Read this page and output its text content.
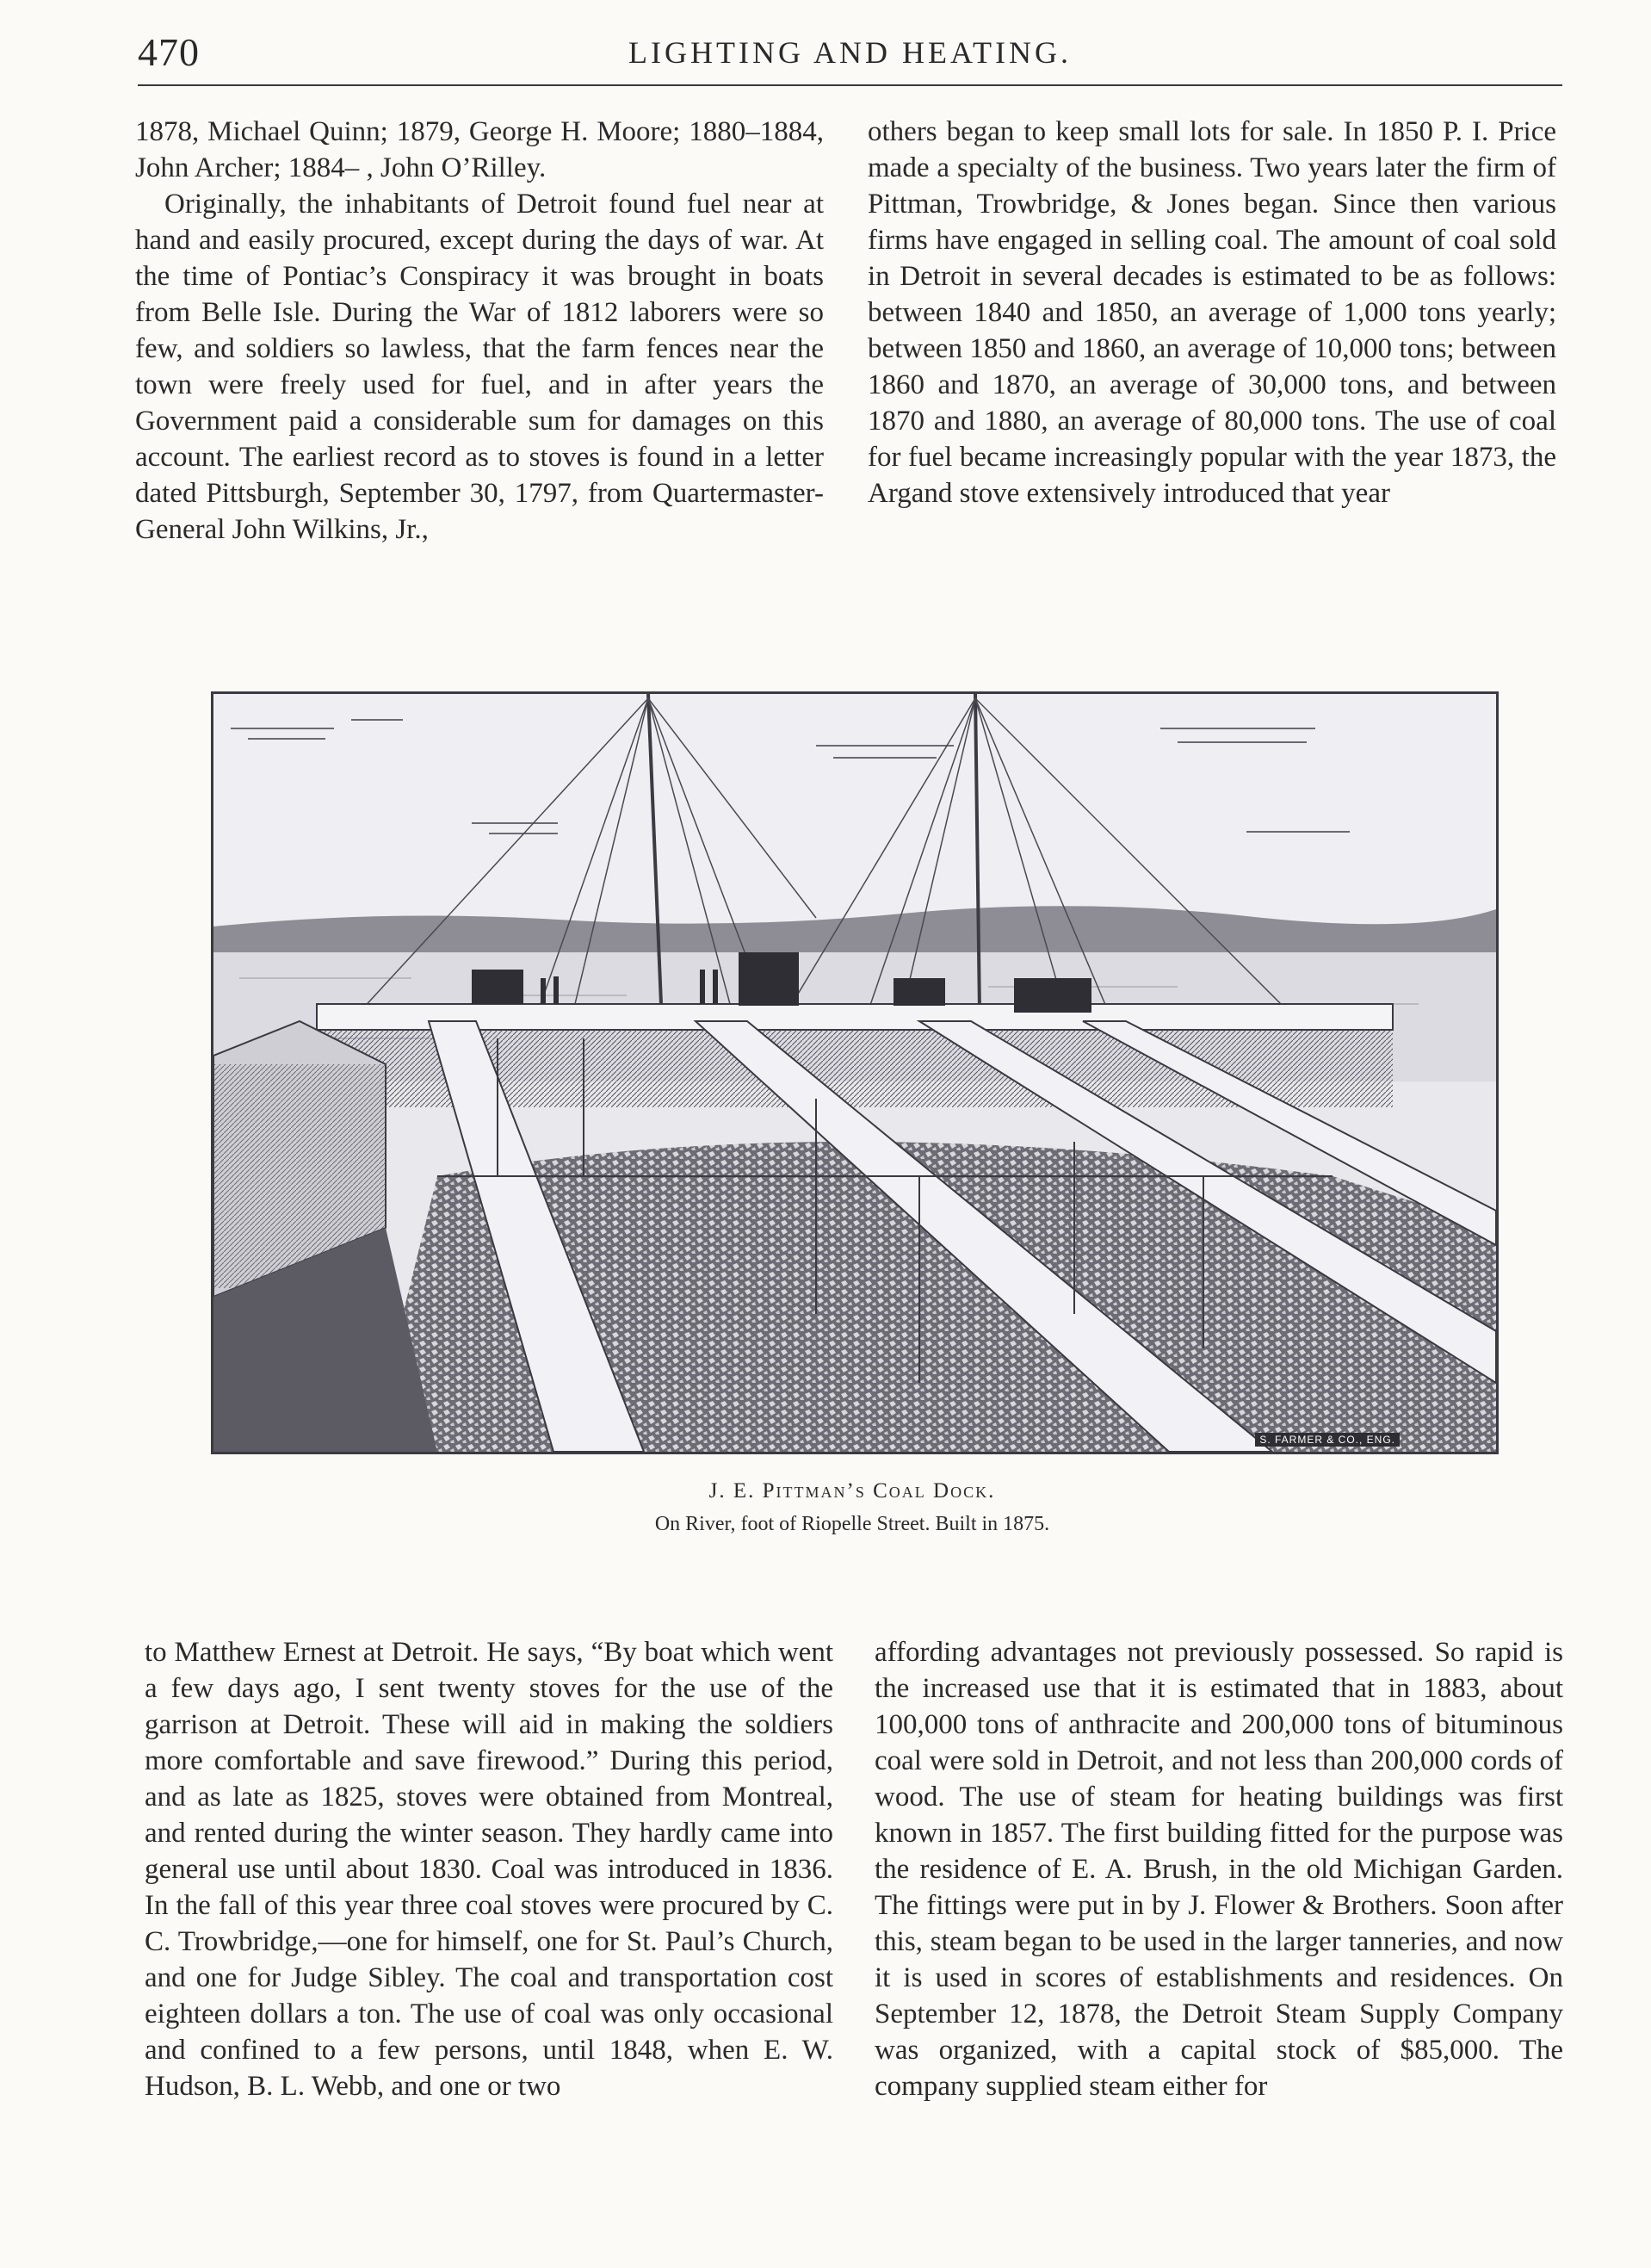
470	LIGHTING AND HEATING.

1878, Michael Quinn; 1879, George H. Moore; 1880–1884, John Archer; 1884– , John O’Rilley.

Originally, the inhabitants of Detroit found fuel near at hand and easily procured, except during the days of war. At the time of Pontiac’s Conspiracy it was brought in boats from Belle Isle. During the War of 1812 laborers were so few, and soldiers so lawless, that the farm fences near the town were freely used for fuel, and in after years the Government paid a considerable sum for damages on this account. The earliest record as to stoves is found in a letter dated Pittsburgh, September 30, 1797, from Quartermaster-General John Wilkins, Jr.,

others began to keep small lots for sale. In 1850 P. I. Price made a specialty of the business. Two years later the firm of Pittman, Trowbridge, & Jones began. Since then various firms have engaged in selling coal. The amount of coal sold in Detroit in several decades is estimated to be as follows: between 1840 and 1850, an average of 1,000 tons yearly; between 1850 and 1860, an average of 10,000 tons; between 1860 and 1870, an average of 30,000 tons, and between 1870 and 1880, an average of 80,000 tons. The use of coal for fuel became increasingly popular with the year 1873, the Argand stove extensively introduced that year

S. FARMER & CO., ENG.
J. E. Pittman’s Coal Dock.
On River, foot of Riopelle Street. Built in 1875.

to Matthew Ernest at Detroit. He says, “By boat which went a few days ago, I sent twenty stoves for the use of the garrison at Detroit. These will aid in making the soldiers more comfortable and save firewood.” During this period, and as late as 1825, stoves were obtained from Montreal, and rented during the winter season. They hardly came into general use until about 1830. Coal was introduced in 1836. In the fall of this year three coal stoves were procured by C. C. Trowbridge,—one for himself, one for St. Paul’s Church, and one for Judge Sibley. The coal and transportation cost eighteen dollars a ton. The use of coal was only occasional and confined to a few persons, until 1848, when E. W. Hudson, B. L. Webb, and one or two

affording advantages not previously possessed. So rapid is the increased use that it is estimated that in 1883, about 100,000 tons of anthracite and 200,000 tons of bituminous coal were sold in Detroit, and not less than 200,000 cords of wood. The use of steam for heating buildings was first known in 1857. The first building fitted for the purpose was the residence of E. A. Brush, in the old Michigan Garden. The fittings were put in by J. Flower & Brothers. Soon after this, steam began to be used in the larger tanneries, and now it is used in scores of establishments and residences. On September 12, 1878, the Detroit Steam Supply Company was organized, with a capital stock of $85,000. The company supplied steam either for
